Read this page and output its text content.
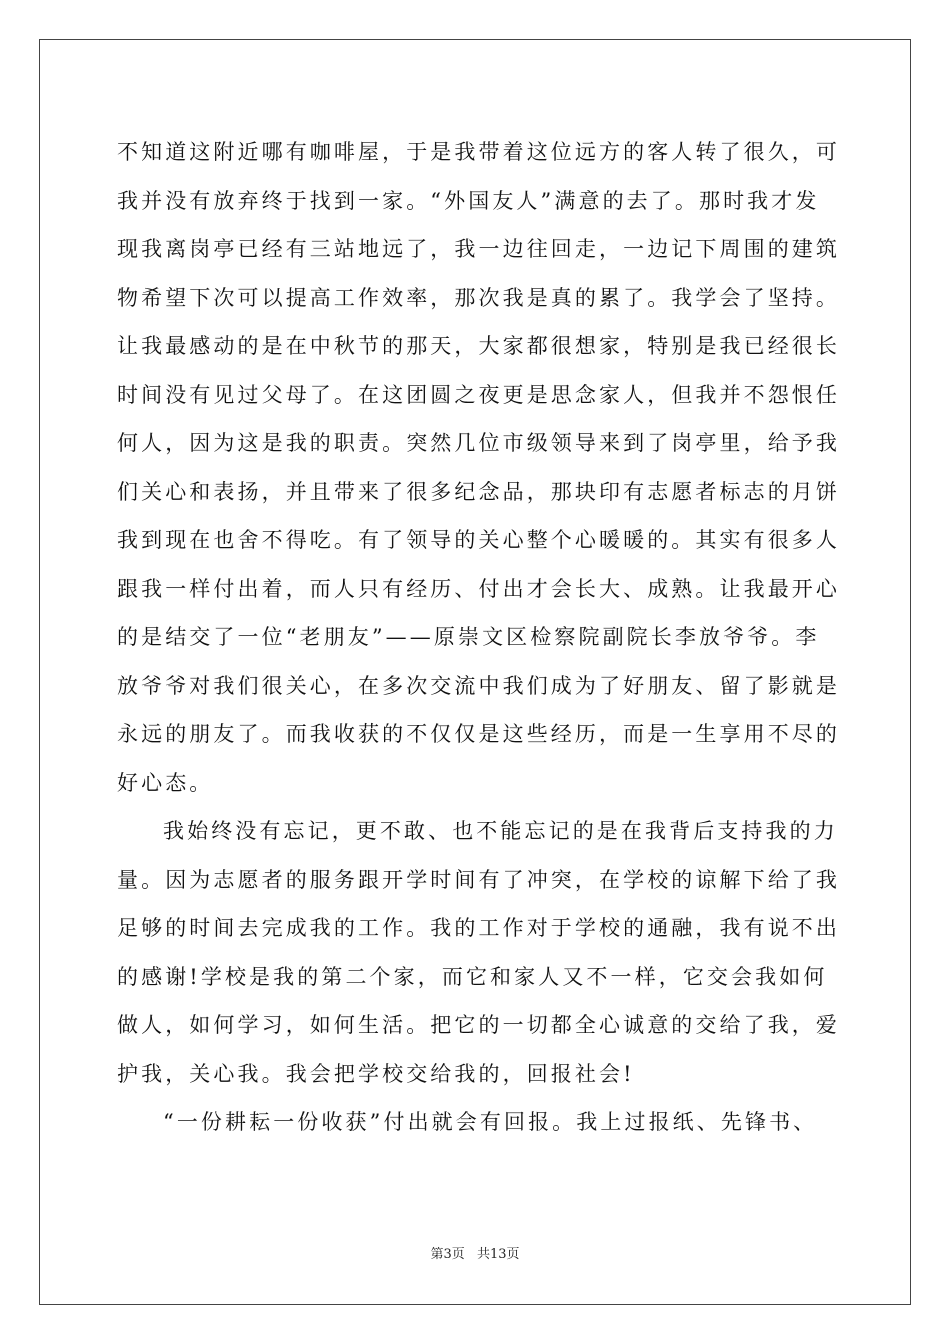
不知道这附近哪有咖啡屋，于是我带着这位远方的客人转了很久，可
我并没有放弃终于找到一家。“外国友人”满意的去了。那时我才发
现我离岗亭已经有三站地远了，我一边往回走，一边记下周围的建筑
物希望下次可以提高工作效率，那次我是真的累了。我学会了坚持。
让我最感动的是在中秋节的那天，大家都很想家，特别是我已经很长
时间没有见过父母了。在这团圆之夜更是思念家人，但我并不怨恨任
何人，因为这是我的职责。突然几位市级领导来到了岗亭里，给予我
们关心和表扬，并且带来了很多纪念品，那块印有志愿者标志的月饼
我到现在也舍不得吃。有了领导的关心整个心暖暖的。其实有很多人
跟我一样付出着，而人只有经历、付出才会长大、成熟。让我最开心
的是结交了一位“老朋友”——原崇文区检察院副院长李放爷爷。李
放爷爷对我们很关心，在多次交流中我们成为了好朋友、留了影就是
永远的朋友了。而我收获的不仅仅是这些经历，而是一生享用不尽的
好心态。
我始终没有忘记，更不敢、也不能忘记的是在我背后支持我的力
量。因为志愿者的服务跟开学时间有了冲突，在学校的谅解下给了我
足够的时间去完成我的工作。我的工作对于学校的通融，我有说不出
的感谢!学校是我的第二个家，而它和家人又不一样，它交会我如何
做人，如何学习，如何生活。把它的一切都全心诚意的交给了我，爱
护我，关心我。我会把学校交给我的，回报社会!
“一份耕耘一份收获”付出就会有回报。我上过报纸、先锋书、
第3页 共13页
